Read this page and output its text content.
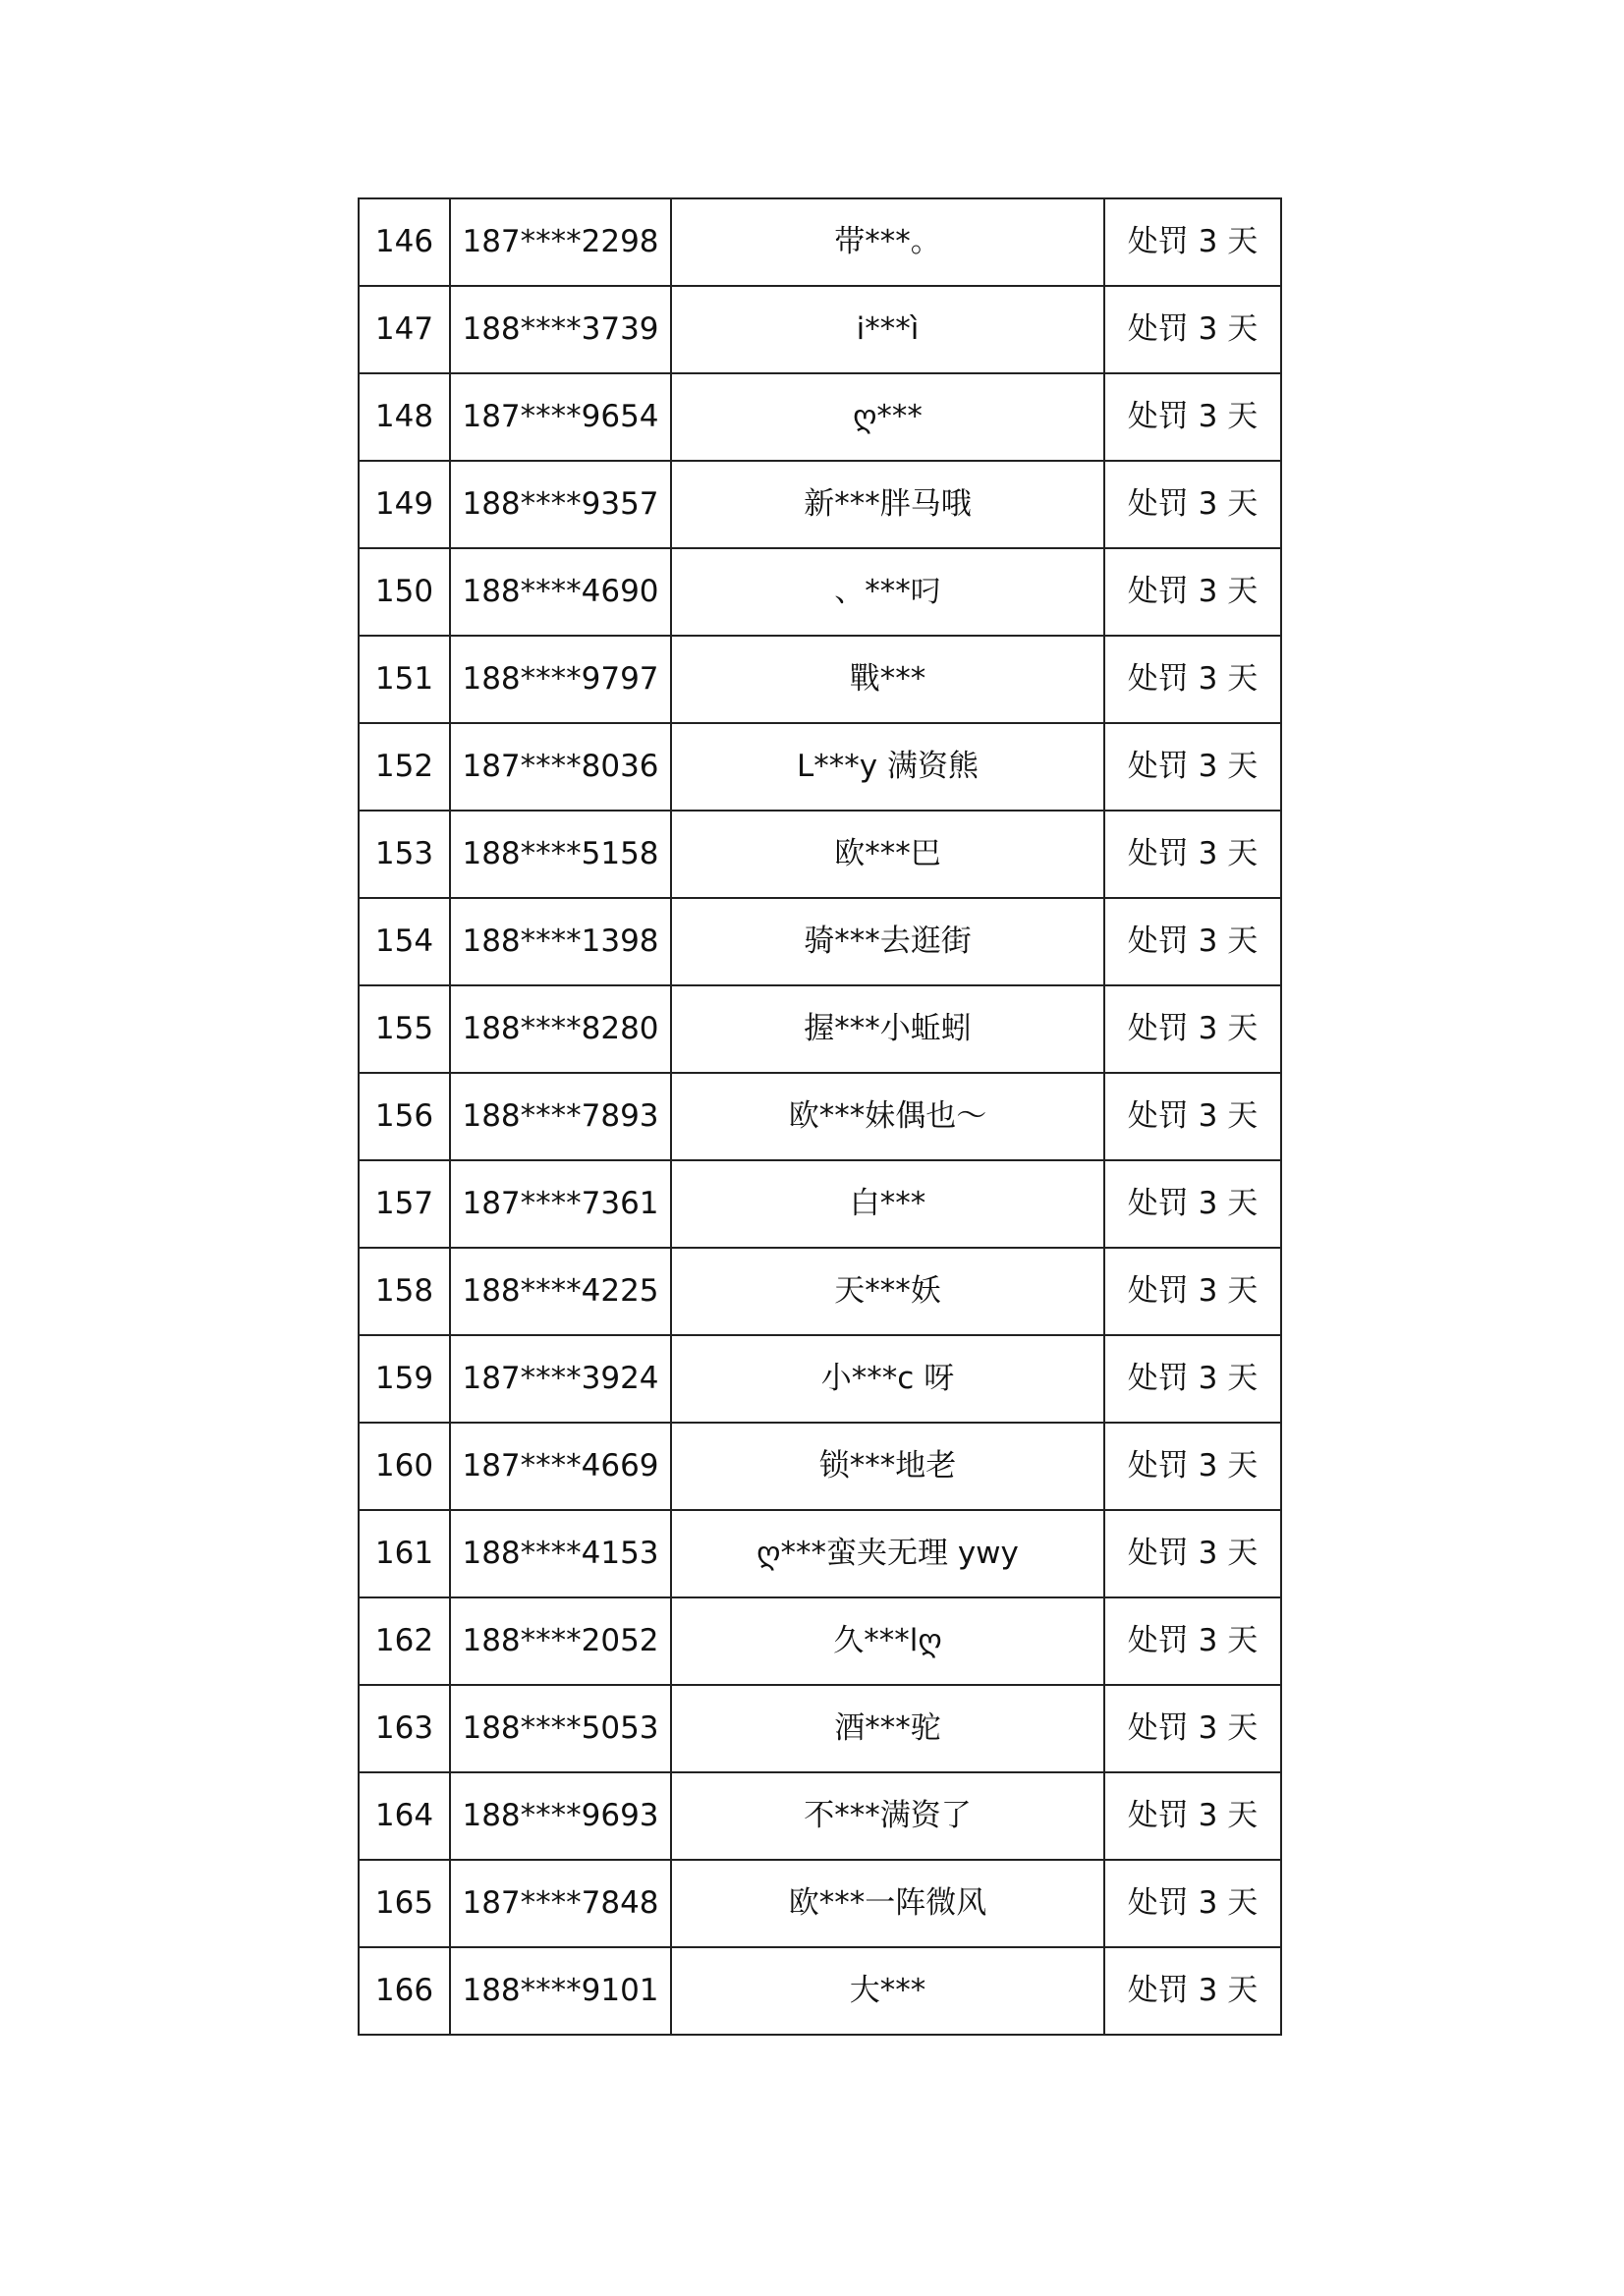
146	187****2298	带***。	处罚 3 天
147	188****3739	i***ì	处罚 3 天
148	187****9654	ღ***	处罚 3 天
149	188****9357	新***胖马哦	处罚 3 天
150	188****4690	、***叼	处罚 3 天
151	188****9797	戰***	处罚 3 天
152	187****8036	L***y 满资熊	处罚 3 天
153	188****5158	欧***巴	处罚 3 天
154	188****1398	骑***去逛街	处罚 3 天
155	188****8280	握***小蚯蚓	处罚 3 天
156	188****7893	欧***妹偶也～	处罚 3 天
157	187****7361	白***	处罚 3 天
158	188****4225	天***妖	处罚 3 天
159	187****3924	小***c 呀	处罚 3 天
160	187****4669	锁***地老	处罚 3 天
161	188****4153	ღ***蛮夹无理 ywy	处罚 3 天
162	188****2052	久***lღ	处罚 3 天
163	188****5053	酒***驼	处罚 3 天
164	188****9693	不***满资了	处罚 3 天
165	187****7848	欧***一阵微风	处罚 3 天
166	188****9101	大***	处罚 3 天
